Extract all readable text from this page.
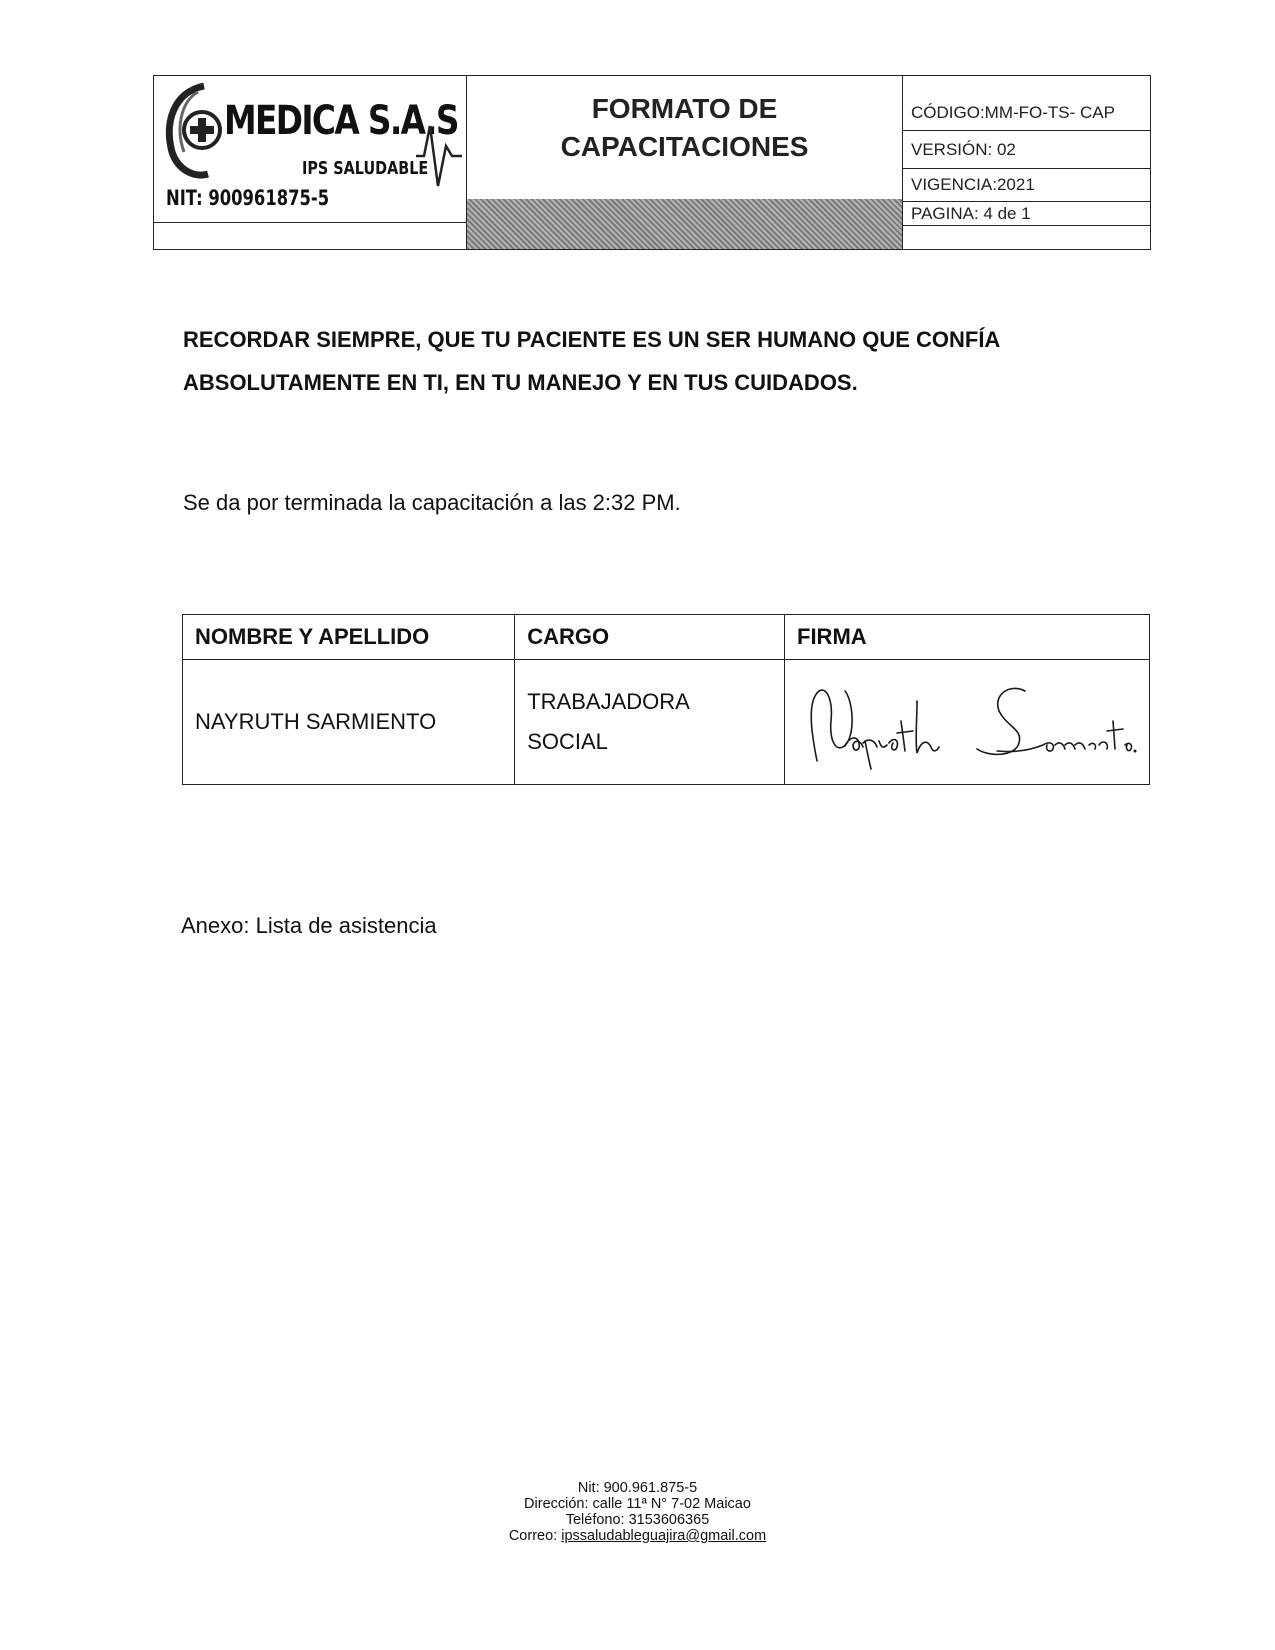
MEDICA S.A.S
IPS SALUDABLE
NIT: 900961875-5
FORMATO DE
CAPACITACIONES
CÓDIGO:MM-FO-TS- CAP
VERSIÓN: 02
VIGENCIA:2021
PAGINA: 4 de 1
RECORDAR SIEMPRE, QUE TU PACIENTE ES UN SER HUMANO QUE CONFÍA
ABSOLUTAMENTE EN TI, EN TU MANEJO Y EN TUS CUIDADOS.
Se da por terminada la capacitación a las 2:32 PM.
NOMBRE Y APELLIDO	CARGO	FIRMA
NAYRUTH SARMIENTO	TRABAJADORA
SOCIAL

Anexo: Lista de asistencia
Nit: 900.961.875-5
Dirección: calle 11ª N° 7-02 Maicao
Teléfono: 3153606365
Correo: ipssaludableguajira@gmail.com
